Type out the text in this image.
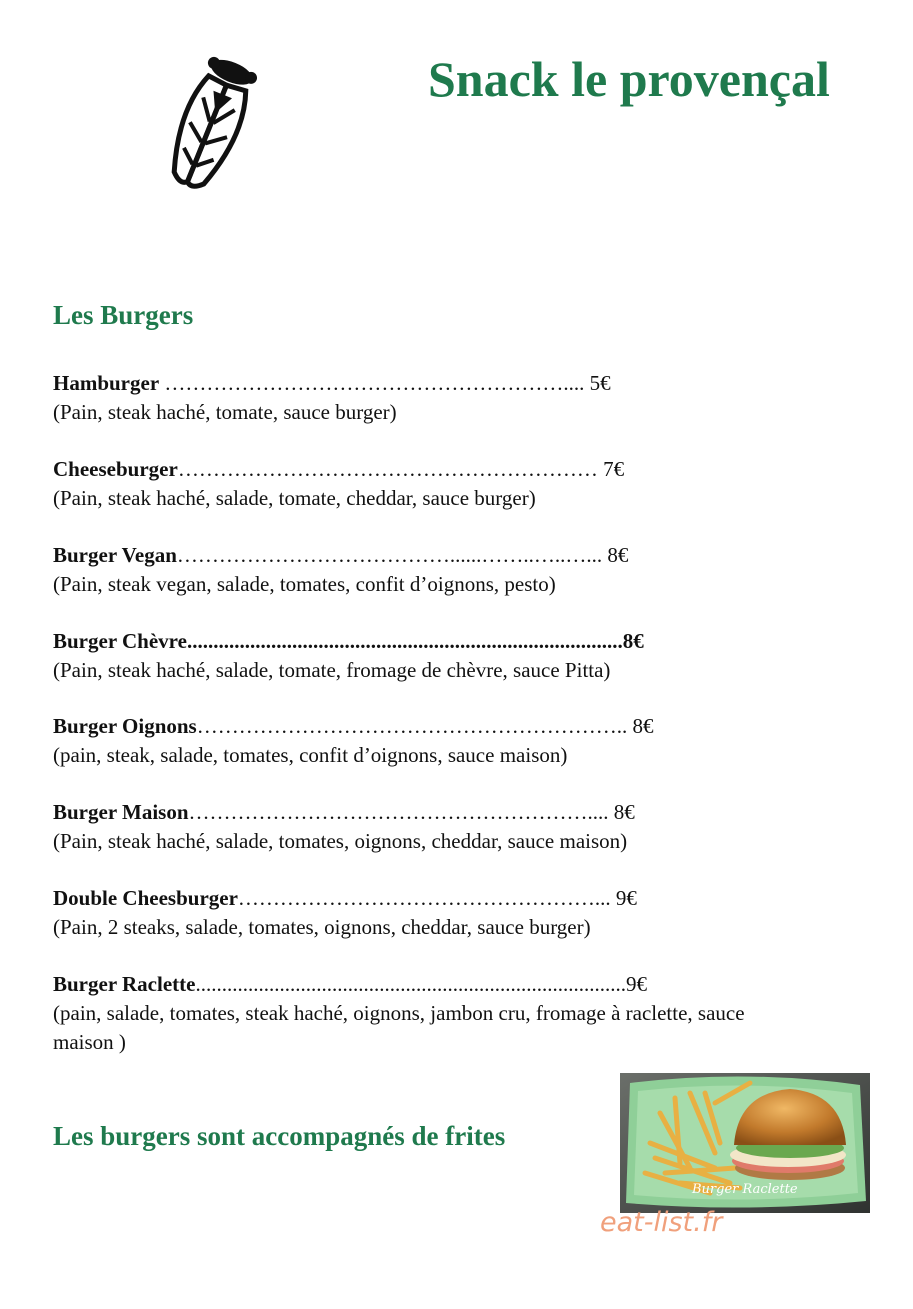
Snack le provençal
Les Burgers
Hamburger ………………………………………………….... 5€
(Pain, steak haché, tomate, sauce burger)
Cheeseburger…………………………………………………… 7€
(Pain, steak haché, salade, tomate, cheddar, sauce burger)
Burger Vegan…………………………………......……..…..…... 8€
(Pain, steak vegan, salade, tomates, confit d’oignons, pesto)
Burger Chèvre...................................................................................8€
(Pain, steak haché, salade, tomate, fromage de chèvre, sauce Pitta)
Burger Oignons…………………………………………………….. 8€
(pain, steak, salade, tomates, confit d’oignons, sauce maison)
Burger Maison………………………………………………….... 8€
(Pain, steak haché, salade, tomates, oignons, cheddar, sauce maison)
Double Cheesburger……………………………………………... 9€
(Pain, 2 steaks, salade, tomates, oignons, cheddar, sauce burger)
Burger Raclette..................................................................................9€
(pain, salade, tomates, steak haché, oignons, jambon cru, fromage à raclette, sauce maison )
Les burgers sont accompagnés de frites
Burger Raclette
eat-list.fr
